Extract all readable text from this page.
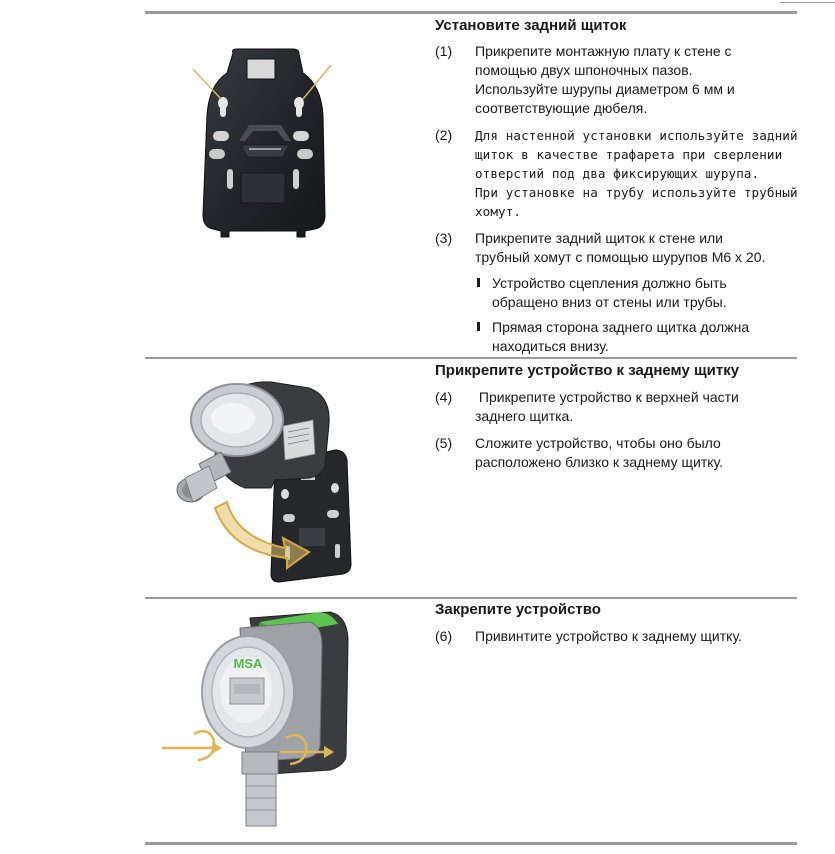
Установите задний щиток
(1) Прикрепите монтажную плату к стене с
помощью двух шпоночных пазов.
Используйте шурупы диаметром 6 мм и
соответствующие дюбеля.
(2) Для настенной установки используйте задний
щиток в качестве трафарета при сверлении
отверстий под два фиксирующих шурупа.
При установке на трубу используйте трубный
хомут.
(3) Прикрепите задний щиток к стене или
трубный хомут с помощью шурупов M6 x 20.
Устройство сцепления должно быть
обращено вниз от стены или трубы.
Прямая сторона заднего щитка должна
находиться внизу.
Прикрепите устройство к заднему щитку
(4) Прикрепите устройство к верхней части
заднего щитка.
(5) Сложите устройство, чтобы оно было
расположено близко к заднему щитку.
Закрепите устройство
(6) Привинтите устройство к заднему щитку.
MSA
